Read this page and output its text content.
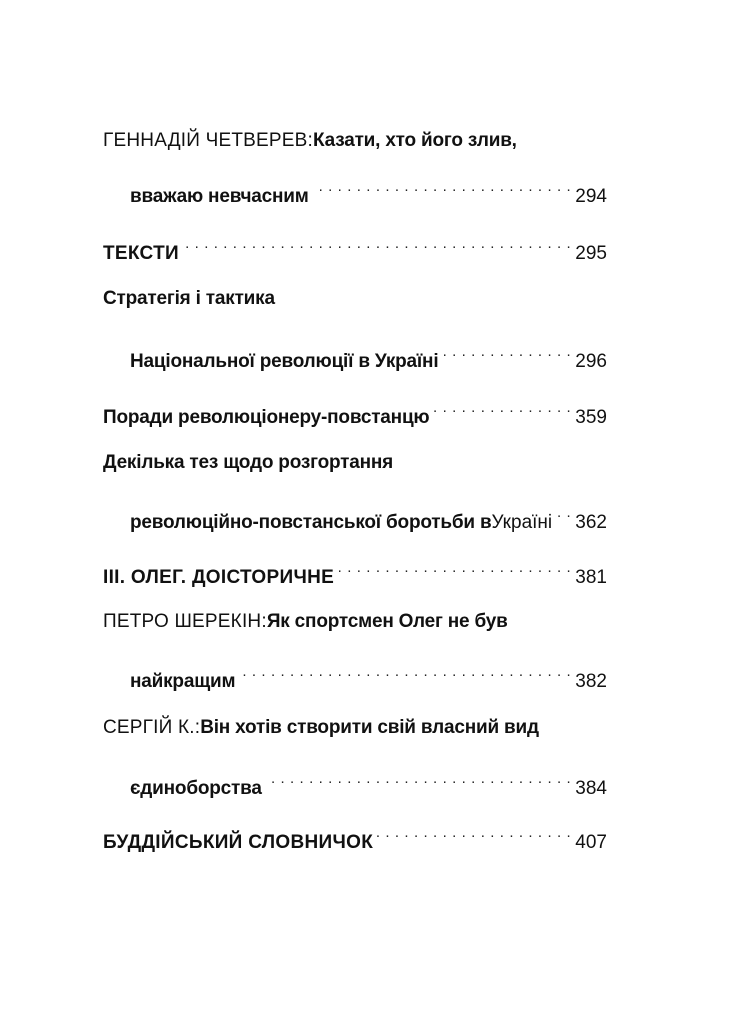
ГЕННАДІЙ ЧЕТВЕРЕВ: Казати, хто його злив,
вважаю невчасним . . .	294
ТЕКСТИ . . .	295
Стратегія і тактика
Національної революції в Україні . . .	296
Поради революціонеру-повстанцю . . .	359
Декілька тез щодо розгортання
революційно-повстанської боротьби в Україні . . . 362
ІІІ. ОЛЕГ. ДОІСТОРИЧНЕ . . .	381
ПЕТРО ШЕРЕКІН: Як спортсмен Олег не був
найкращим . . .	382
СЕРГІЙ К.: Він хотів створити свій власний вид
єдиноборства . . .	384
БУДДІЙСЬКИЙ СЛОВНИЧОК . . .	407
